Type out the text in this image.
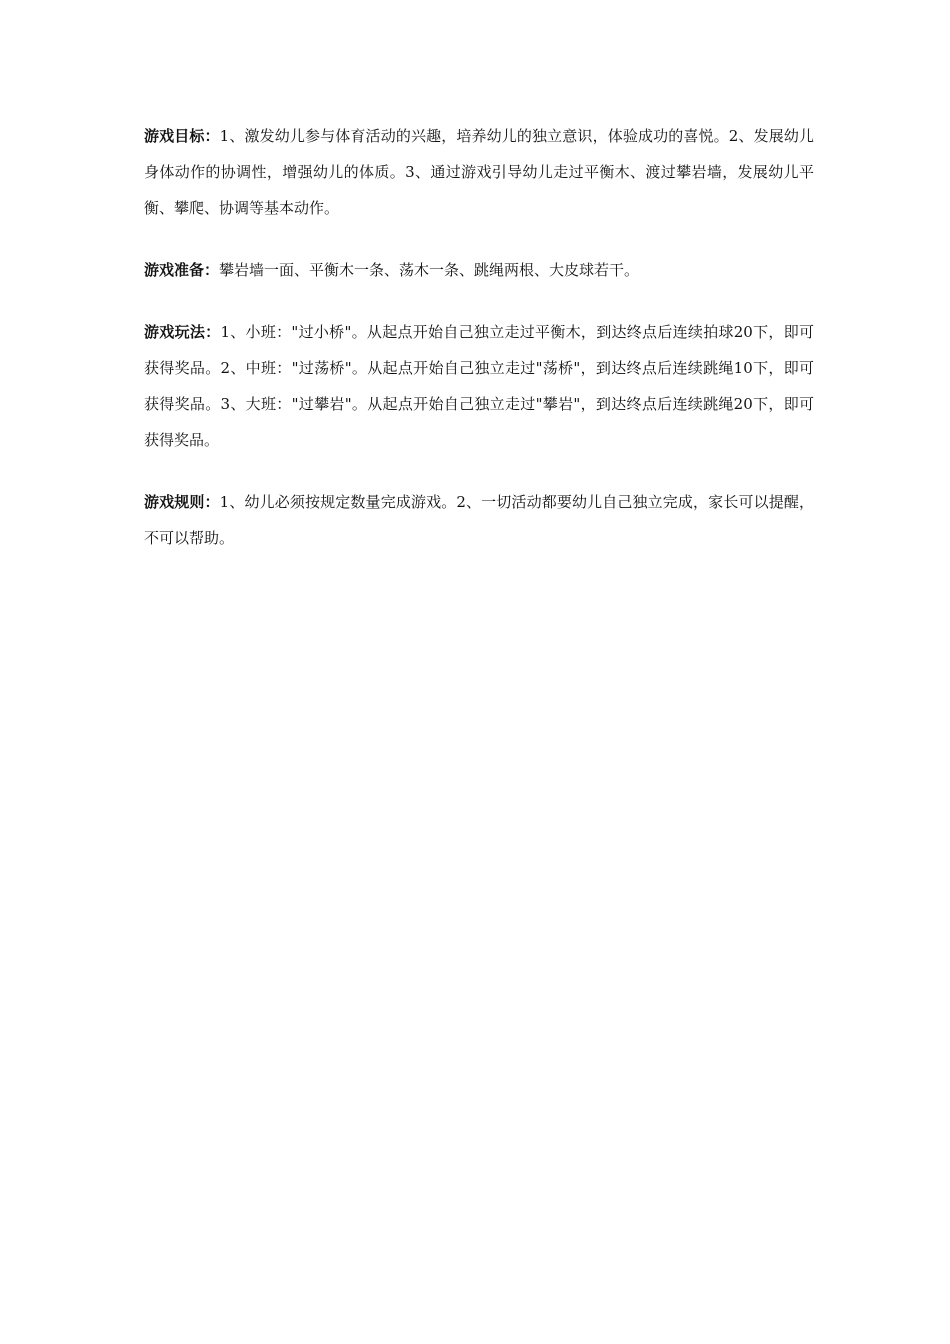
游戏目标：1、激发幼儿参与体育活动的兴趣，培养幼儿的独立意识，体验成功的喜悦。2、发展幼儿身体动作的协调性，增强幼儿的体质。3、通过游戏引导幼儿走过平衡木、渡过攀岩墙，发展幼儿平衡、攀爬、协调等基本动作。

游戏准备：攀岩墙一面、平衡木一条、荡木一条、跳绳两根、大皮球若干。

游戏玩法：1、小班："过小桥"。从起点开始自己独立走过平衡木，到达终点后连续拍球20下，即可获得奖品。2、中班："过荡桥"。从起点开始自己独立走过"荡桥"，到达终点后连续跳绳10下，即可获得奖品。3、大班："过攀岩"。从起点开始自己独立走过"攀岩"，到达终点后连续跳绳20下，即可获得奖品。

游戏规则：1、幼儿必须按规定数量完成游戏。2、一切活动都要幼儿自己独立完成，家长可以提醒，不可以帮助。
